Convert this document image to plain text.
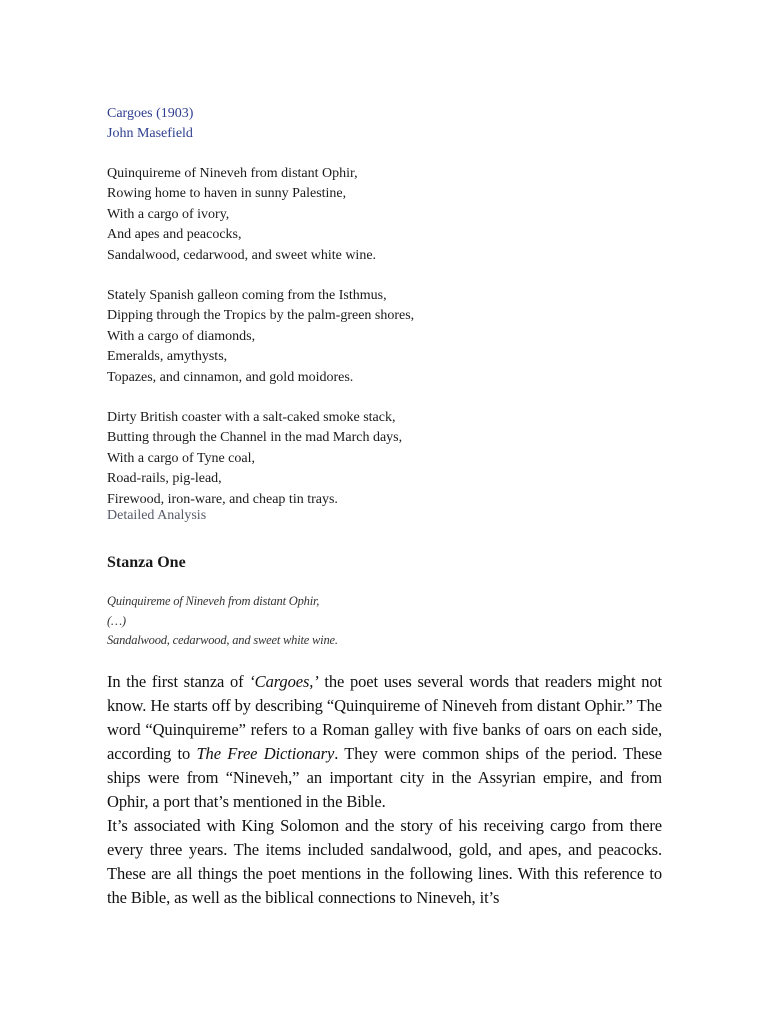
Cargoes (1903)
John Masefield
Quinquireme of Nineveh from distant Ophir,
Rowing home to haven in sunny Palestine,
With a cargo of ivory,
And apes and peacocks,
Sandalwood, cedarwood, and sweet white wine.
Stately Spanish galleon coming from the Isthmus,
Dipping through the Tropics by the palm-green shores,
With a cargo of diamonds,
Emeralds, amythysts,
Topazes, and cinnamon, and gold moidores.
Dirty British coaster with a salt-caked smoke stack,
Butting through the Channel in the mad March days,
With a cargo of Tyne coal,
Road-rails, pig-lead,
Firewood, iron-ware, and cheap tin trays.
Detailed Analysis
Stanza One
Quinquireme of Nineveh from distant Ophir,
(…)
Sandalwood, cedarwood, and sweet white wine.

In the first stanza of ‘Cargoes,’ the poet uses several words that readers might not know. He starts off by describing “Quinquireme of Nineveh from distant Ophir.” The word “Quinquireme” refers to a Roman galley with five banks of oars on each side, according to The Free Dictionary. They were common ships of the period. These ships were from “Nineveh,” an important city in the Assyrian empire, and from Ophir, a port that’s mentioned in the Bible.

It’s associated with King Solomon and the story of his receiving cargo from there every three years. The items included sandalwood, gold, and apes, and peacocks. These are all things the poet mentions in the following lines. With this reference to the Bible, as well as the biblical connections to Nineveh, it’s
